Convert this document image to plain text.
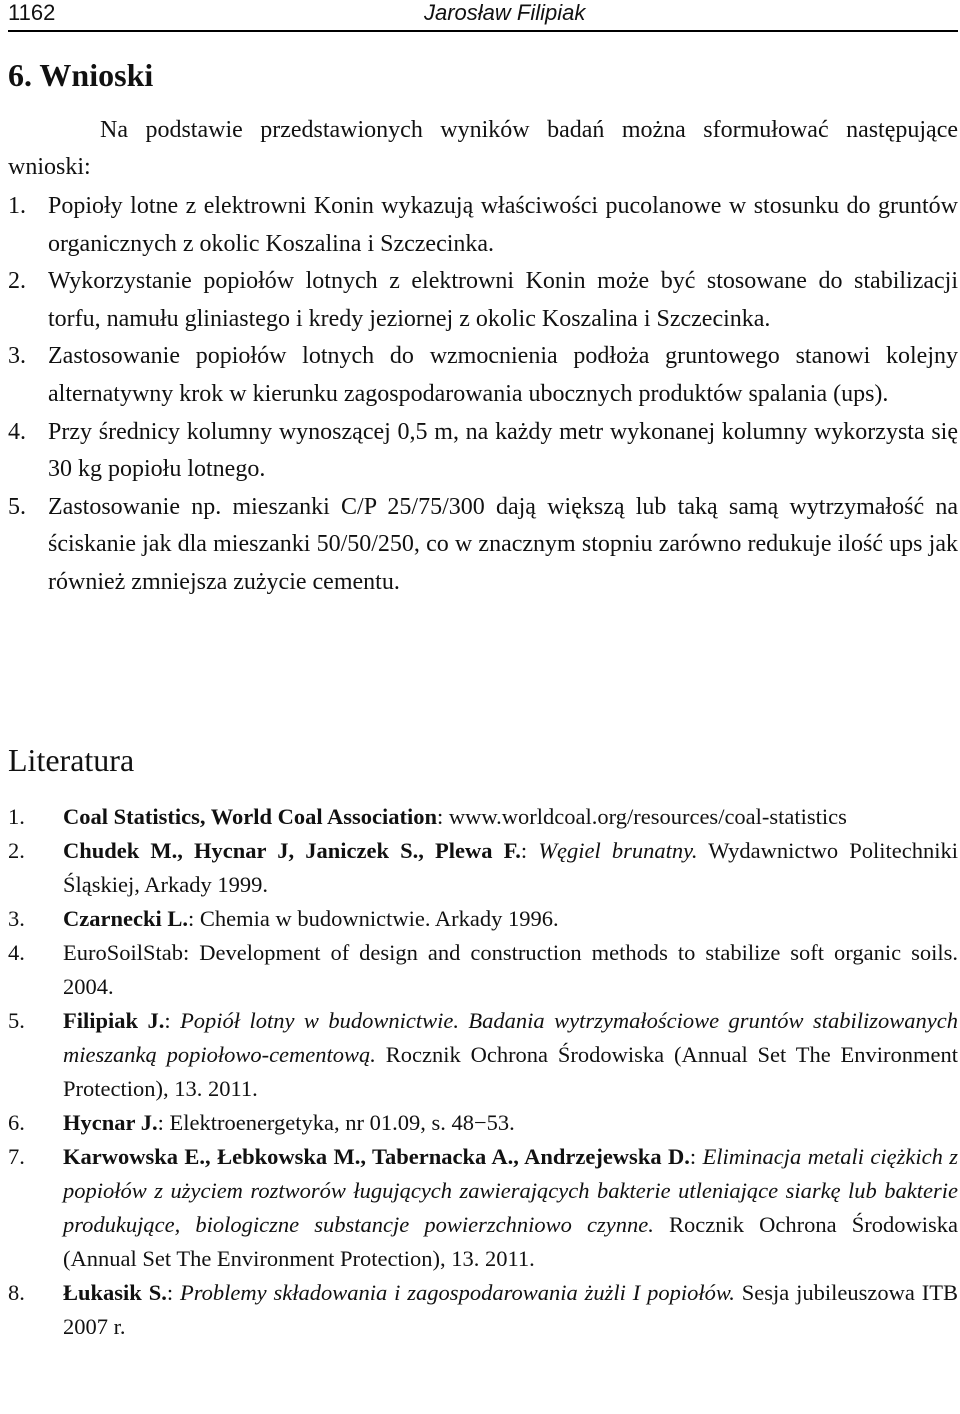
1162	Jarosław Filipiak
6. Wnioski

Na podstawie przedstawionych wyników badań można sformułować następujące wnioski:

1. Popioły lotne z elektrowni Konin wykazują właściwości pucolanowe w stosunku do gruntów organicznych z okolic Koszalina i Szczecinka.
2. Wykorzystanie popiołów lotnych z elektrowni Konin może być stosowane do stabilizacji torfu, namułu gliniastego i kredy jeziornej z okolic Koszalina i Szczecinka.
3. Zastosowanie popiołów lotnych do wzmocnienia podłoża gruntowego stanowi kolejny alternatywny krok w kierunku zagospodarowania ubocznych produktów spalania (ups).
4. Przy średnicy kolumny wynoszącej 0,5 m, na każdy metr wykonanej kolumny wykorzysta się 30 kg popiołu lotnego.
5. Zastosowanie np. mieszanki C/P 25/75/300 dają większą lub taką samą wytrzymałość na ściskanie jak dla mieszanki 50/50/250, co w znacznym stopniu zarówno redukuje ilość ups jak również zmniejsza zużycie cementu.
Literatura
1.	Coal Statistics, World Coal Association: www.worldcoal.org/resources/coal-statistics
2.	Chudek M., Hycnar J, Janiczek S., Plewa F.: Węgiel brunatny. Wydawnictwo Politechniki Śląskiej, Arkady 1999.
3.	Czarnecki L.: Chemia w budownictwie. Arkady 1996.
4.	EuroSoilStab: Development of design and construction methods to stabilize soft organic soils. 2004.
5.	Filipiak J.: Popiół lotny w budownictwie. Badania wytrzymałościowe gruntów stabilizowanych mieszanką popiołowo-cementową. Rocznik Ochrona Środowiska (Annual Set The Environment Protection), 13. 2011.
6.	Hycnar J.: Elektroenergetyka, nr 01.09, s. 48−53.
7.	Karwowska E., Łebkowska M., Tabernacka A., Andrzejewska D.: Eliminacja metali ciężkich z popiołów z użyciem roztworów ługujących zawierających bakterie utleniające siarkę lub bakterie produkujące, biologiczne substancje powierzchniowo czynne. Rocznik Ochrona Środowiska (Annual Set The Environment Protection), 13. 2011.
8.	Łukasik S.: Problemy składowania i zagospodarowania żużli I popiołów. Sesja jubileuszowa ITB 2007 r.
